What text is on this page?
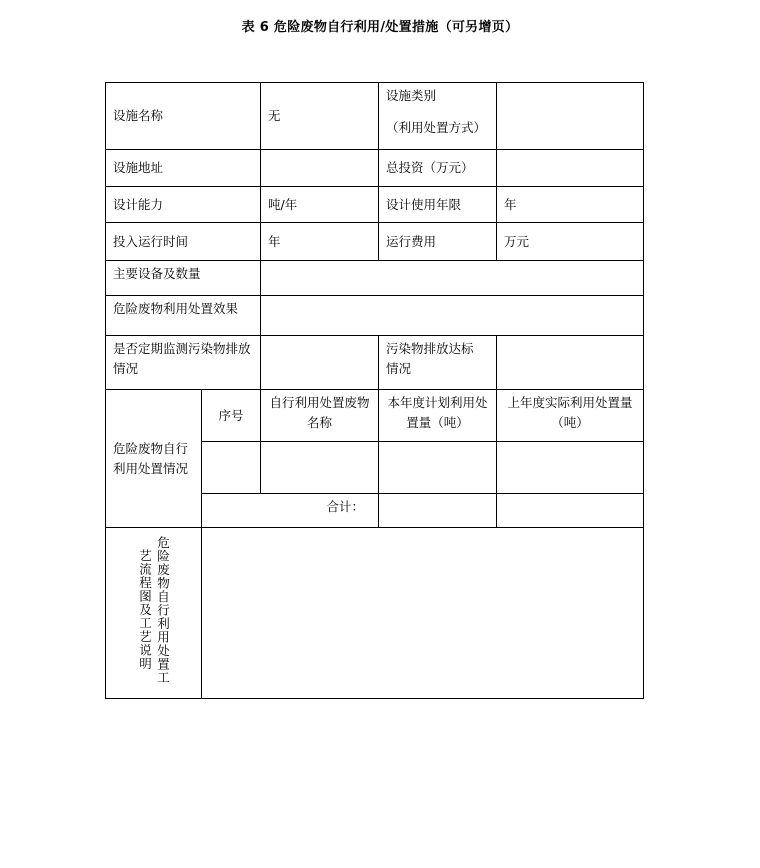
表 6 危险废物自行利用/处置措施（可另增页）
设施名称		无	设施类别
（利用处置方式）	
设施地址			总投资（万元）	
设计能力		吨/年	设计使用年限	年
投入运行时间		年	运行费用	万元
主要设备及数量				
危险废物利用处置效果				
是否定期监测污染物排放情况			污染物排放达标
情况	

危险废物自行利用处置情况	序号	自行利用处置废物名称	本年度计划利用处置量（吨）	上年度实际利用处置量（吨）

	合计：			
危险废物自行利用处置工
艺流程图及工艺说明				
